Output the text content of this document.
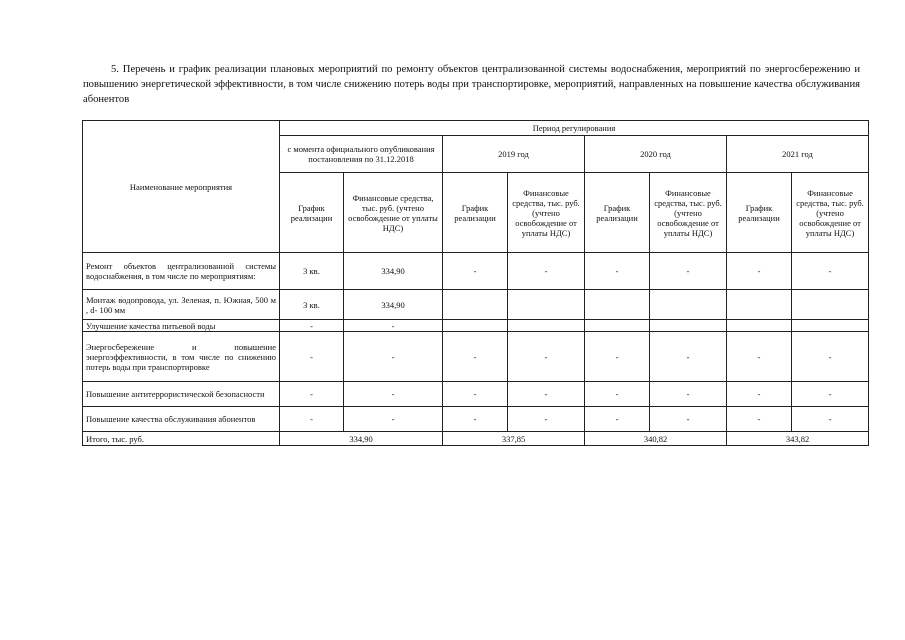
5. Перечень и график реализации плановых мероприятий по ремонту объектов централизованной системы водоснабжения, мероприятий по энергосбережению и повышению энергетической эффективности, в том числе снижению потерь воды при транспортировке, мероприятий, направленных на повышение качества обслуживания абонентов
Наименование мероприятия	Период регулирования							
	с момента официального опубликования постановления по 31.12.2018		2019 год		2020 год		2021 год	
	График реализации	Финансовые средства, тыс. руб. (учтено освобождение от уплаты НДС)	График реализации	Финансовые средства, тыс. руб. (учтено освобождение от уплаты НДС)	График реализации	Финансовые средства, тыс. руб. (учтено освобождение от уплаты НДС)	График реализации	Финансовые средства, тыс. руб. (учтено освобождение от уплаты НДС)
Ремонт объектов централизованной системы водоснабжения, в том числе по мероприятиям:	3 кв.	334,90	-	-	-	-	-	-
Монтаж водопровода, ул. Зеленая, п. Южная, 500 м , d- 100 мм	3 кв.	334,90						
Улучшение качества питьевой воды	-	-						
Энергосбережение и повышение энергоэффективности, в том числе по снижению потерь воды при транспортировке	-	-	-	-	-	-	-	-
Повышение антитеррористической безопасности	-	-	-	-	-	-	-	-
Повышение качества обслуживания абонентов	-	-	-	-	-	-	-	-
Итого, тыс. руб.	334,90		337,85		340,82		343,82	
